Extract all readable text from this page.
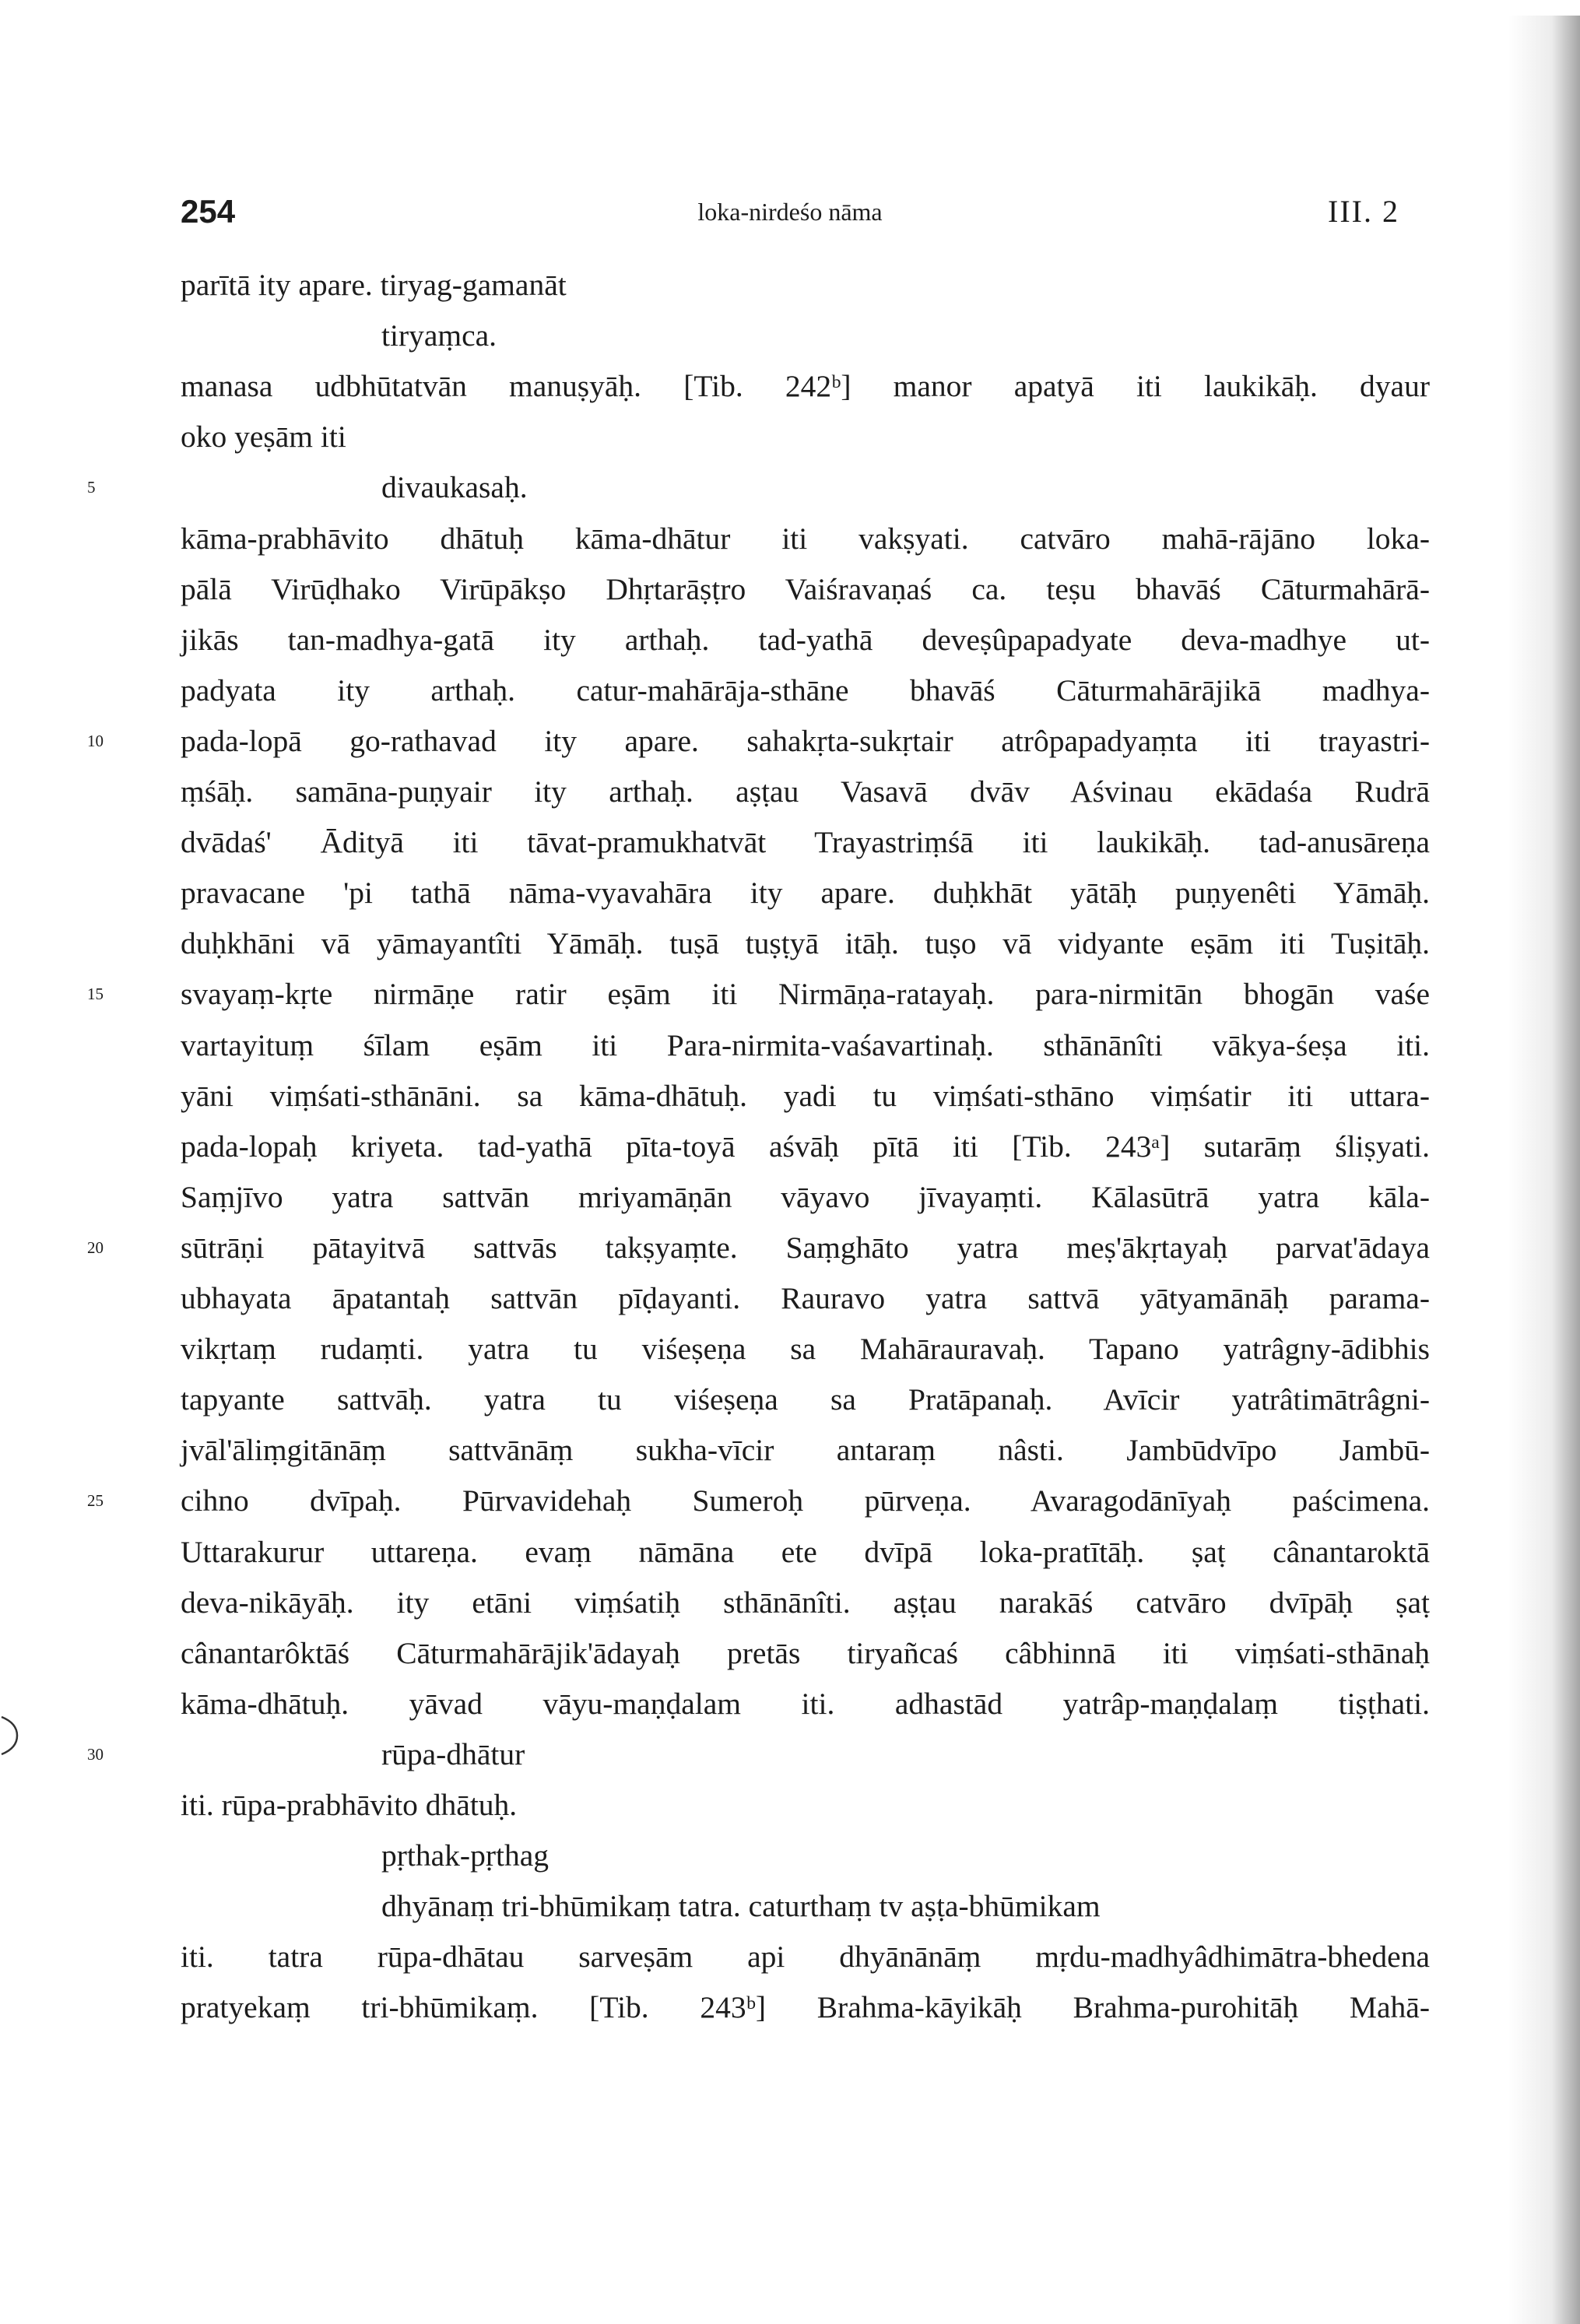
254	loka-nirdeśo nāma	III. 2
parītā ity apare. tiryag-gamanāt
tiryaṃca.
manasa udbhūtatvān manuṣyāḥ. [Tib. 242ᵇ] manor apatyā iti laukikāḥ. dyaur
oko yeṣām iti
divaukasaḥ.
kāma-prabhāvito dhātuḥ kāma-dhātur iti vakṣyati. catvāro mahā-rājāno loka-
pālā Virūḍhako Virūpākṣo Dhṛtarāṣṭro Vaiśravaṇaś ca. teṣu bhavāś Cāturmahārā-
jikās tan-madhya-gatā ity arthaḥ. tad-yathā deveṣûpapadyate deva-madhye ut-
padyata ity arthaḥ. catur-mahārāja-sthāne bhavāś Cāturmahārājikā madhya-
pada-lopā go-rathavad ity apare. sahakṛta-sukṛtair atrôpapadyaṃta iti trayastri-
ṃśāḥ. samāna-puṇyair ity arthaḥ. aṣṭau Vasavā dvāv Aśvinau ekādaśa Rudrā
dvādaś' Ādityā iti tāvat-pramukhatvāt Trayastriṃśā iti laukikāḥ. tad-anusāreṇa
pravacane 'pi tathā nāma-vyavahāra ity apare. duḥkhāt yātāḥ puṇyenêti Yāmāḥ.
duḥkhāni vā yāmayantîti Yāmāḥ. tuṣā tuṣṭyā itāḥ. tuṣo vā vidyante eṣām iti Tuṣitāḥ.
svayaṃ-kṛte nirmāṇe ratir eṣām iti Nirmāṇa-ratayaḥ. para-nirmitān bhogān vaśe
vartayituṃ śīlam eṣām iti Para-nirmita-vaśavartinaḥ. sthānānîti vākya-śeṣa iti.
yāni viṃśati-sthānāni. sa kāma-dhātuḥ. yadi tu viṃśati-sthāno viṃśatir iti uttara-
pada-lopaḥ kriyeta. tad-yathā pīta-toyā aśvāḥ pītā iti [Tib. 243ᵃ] sutarāṃ śliṣyati.
Saṃjīvo yatra sattvān mriyamāṇān vāyavo jīvayaṃti. Kālasūtrā yatra kāla-
sūtrāṇi pātayitvā sattvās takṣyaṃte. Saṃghāto yatra meṣ'ākṛtayaḥ parvat'ādaya
ubhayata āpatantaḥ sattvān pīḍayanti. Rauravo yatra sattvā yātyamānāḥ parama-
vikṛtaṃ rudaṃti. yatra tu viśeṣeṇa sa Mahārauravaḥ. Tapano yatrâgny-ādibhis
tapyante sattvāḥ. yatra tu viśeṣeṇa sa Pratāpanaḥ. Avīcir yatrâtimātrâgni-
jvāl'āliṃgitānāṃ sattvānāṃ sukha-vīcir antaraṃ nâsti. Jambūdvīpo Jambū-
cihno dvīpaḥ. Pūrvavidehaḥ Sumeroḥ pūrveṇa. Avaragodānīyaḥ paścimena.
Uttarakurur uttareṇa. evaṃ nāmāna ete dvīpā loka-pratītāḥ. ṣaṭ cânantaroktā
deva-nikāyāḥ. ity etāni viṃśatiḥ sthānānîti. aṣṭau narakāś catvāro dvīpāḥ ṣaṭ
cânantarôktāś Cāturmahārājik'ādayaḥ pretās tiryañcaś câbhinnā iti viṃśati-sthānaḥ
kāma-dhātuḥ. yāvad vāyu-maṇḍalam iti. adhastād yatrâp-maṇḍalaṃ tiṣṭhati.
rūpa-dhātur
iti. rūpa-prabhāvito dhātuḥ.
pṛthak-pṛthag
dhyānaṃ tri-bhūmikaṃ tatra. caturthaṃ tv aṣṭa-bhūmikam
iti. tatra rūpa-dhātau sarveṣām api dhyānānāṃ mṛdu-madhyâdhimātra-bhedena
pratyekaṃ tri-bhūmikaṃ. [Tib. 243ᵇ] Brahma-kāyikāḥ Brahma-purohitāḥ Mahā-
5
10
15
20
25
30
